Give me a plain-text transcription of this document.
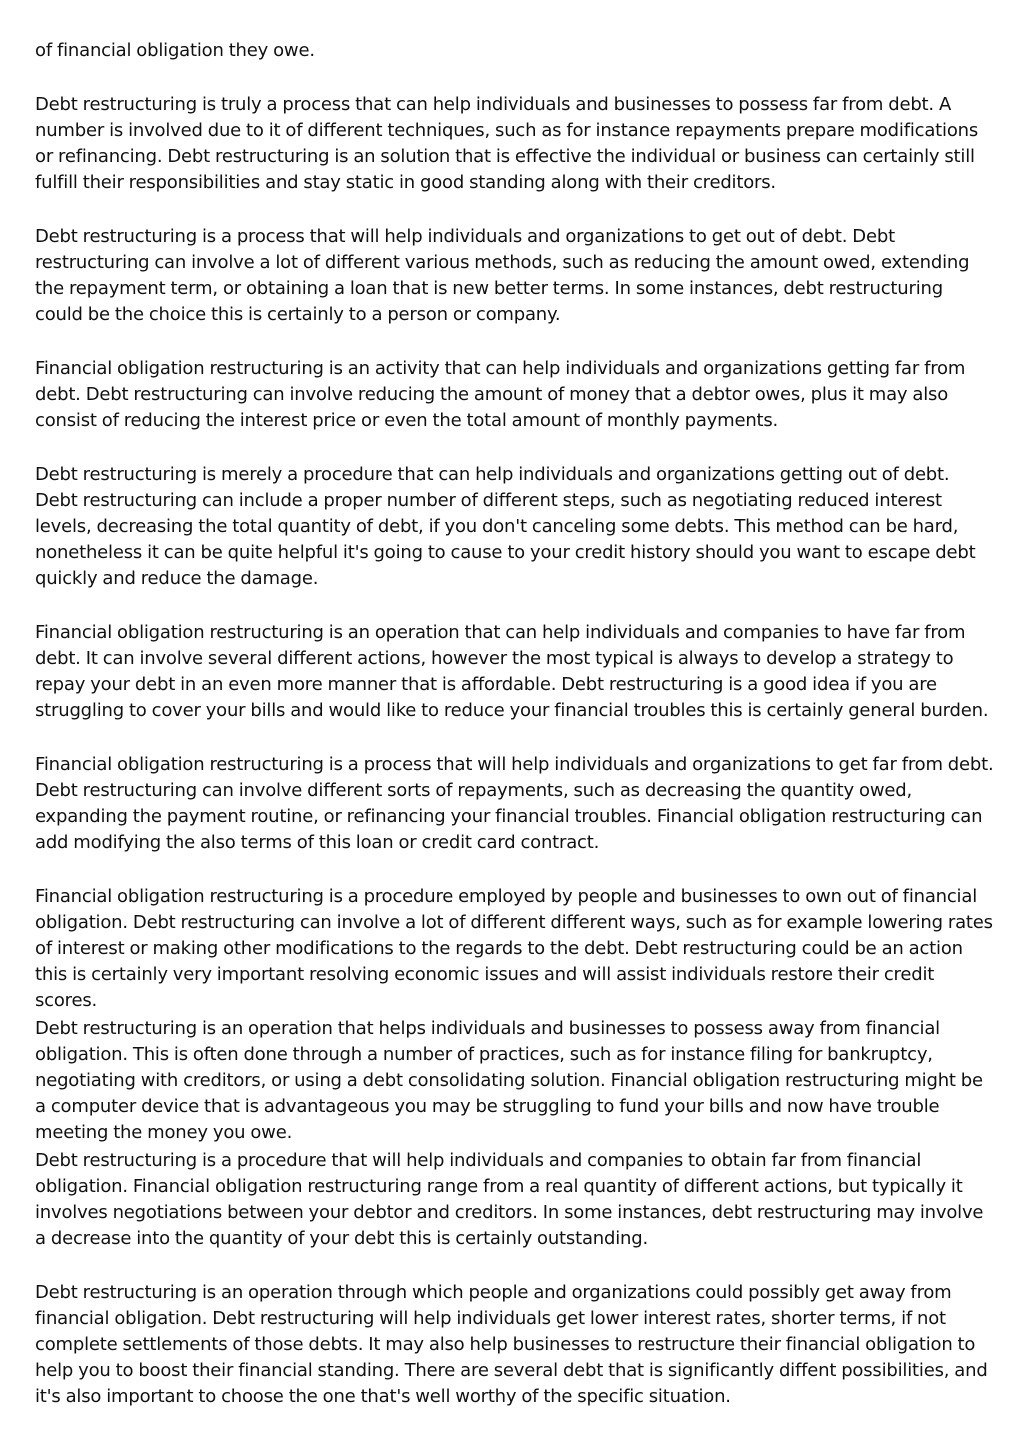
of financial obligation they owe.

Debt restructuring is truly a process that can help individuals and businesses to possess far from debt. A number is involved due to it of different techniques, such as for instance repayments prepare modifications or refinancing. Debt restructuring is an solution that is effective the individual or business can certainly still fulfill their responsibilities and stay static in good standing along with their creditors.

Debt restructuring is a process that will help individuals and organizations to get out of debt. Debt restructuring can involve a lot of different various methods, such as reducing the amount owed, extending the repayment term, or obtaining a loan that is new better terms. In some instances, debt restructuring could be the choice this is certainly to a person or company.

Financial obligation restructuring is an activity that can help individuals and organizations getting far from debt. Debt restructuring can involve reducing the amount of money that a debtor owes, plus it may also consist of reducing the interest price or even the total amount of monthly payments.

Debt restructuring is merely a procedure that can help individuals and organizations getting out of debt. Debt restructuring can include a proper number of different steps, such as negotiating reduced interest levels, decreasing the total quantity of debt, if you don't canceling some debts. This method can be hard, nonetheless it can be quite helpful it's going to cause to your credit history should you want to escape debt quickly and reduce the damage.

Financial obligation restructuring is an operation that can help individuals and companies to have far from debt. It can involve several different actions, however the most typical is always to develop a strategy to repay your debt in an even more manner that is affordable. Debt restructuring is a good idea if you are struggling to cover your bills and would like to reduce your financial troubles this is certainly general burden.

Financial obligation restructuring is a process that will help individuals and organizations to get far from debt. Debt restructuring can involve different sorts of repayments, such as decreasing the quantity owed, expanding the payment routine, or refinancing your financial troubles. Financial obligation restructuring can add modifying the also terms of this loan or credit card contract.

Financial obligation restructuring is a procedure employed by people and businesses to own out of financial obligation. Debt restructuring can involve a lot of different different ways, such as for example lowering rates of interest or making other modifications to the regards to the debt. Debt restructuring could be an action this is certainly very important resolving economic issues and will assist individuals restore their credit scores.

Debt restructuring is an operation that helps individuals and businesses to possess away from financial obligation. This is often done through a number of practices, such as for instance filing for bankruptcy, negotiating with creditors, or using a debt consolidating solution. Financial obligation restructuring might be a computer device that is advantageous you may be struggling to fund your bills and now have trouble meeting the money you owe.

Debt restructuring is a procedure that will help individuals and companies to obtain far from financial obligation. Financial obligation restructuring range from a real quantity of different actions, but typically it involves negotiations between your debtor and creditors. In some instances, debt restructuring may involve a decrease into the quantity of your debt this is certainly outstanding.

Debt restructuring is an operation through which people and organizations could possibly get away from financial obligation. Debt restructuring will help individuals get lower interest rates, shorter terms, if not complete settlements of those debts. It may also help businesses to restructure their financial obligation to help you to boost their financial standing. There are several debt that is significantly diffent possibilities, and it's also important to choose the one that's well worthy of the specific situation.
